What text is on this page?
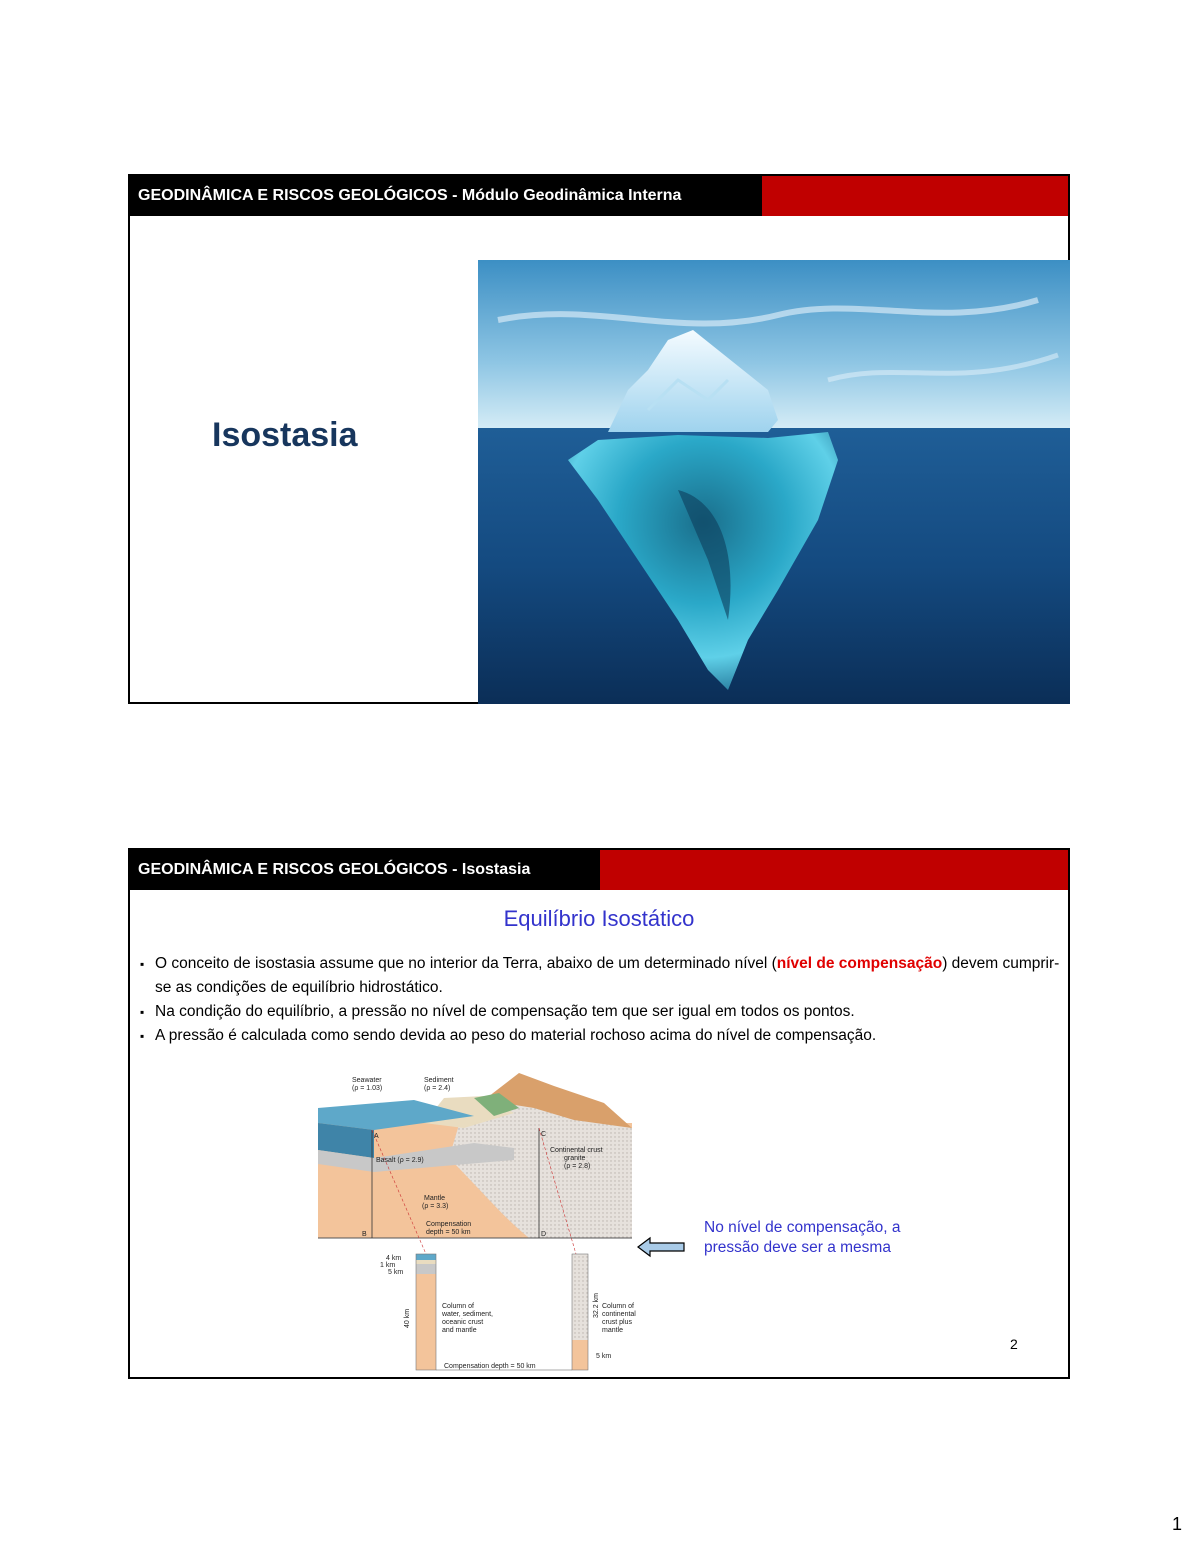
GEODINÂMICA E RISCOS GEOLÓGICOS - Módulo Geodinâmica Interna
Isostasia
GEODINÂMICA E RISCOS GEOLÓGICOS - Isostasia
Equilíbrio Isostático
▪ O conceito de isostasia assume que no interior da Terra, abaixo de um determinado nível (nível de compensação) devem cumprir-se as condições de equilíbrio hidrostático.
▪ Na condição do equilíbrio, a pressão no nível de compensação tem que ser igual em todos os pontos.
▪ A pressão é calculada como sendo devida ao peso do material rochoso acima do nível de compensação.
Seawater
(ρ = 1.03)
Sediment
(ρ = 2.4)
Basalt (ρ = 2.9)
Continental crust
granite
(ρ = 2.8)
Mantle
(ρ = 3.3)
Compensation
depth = 50 km
A
B
C
D
4 km
1 km
5 km
40 km
Column of
water, sediment,
oceanic crust
and mantle
32.2 km Column of
continental
crust plus
mantle
5 km
Compensation depth = 50 km
No nível de compensação, a
pressão deve ser a mesma
2
1
